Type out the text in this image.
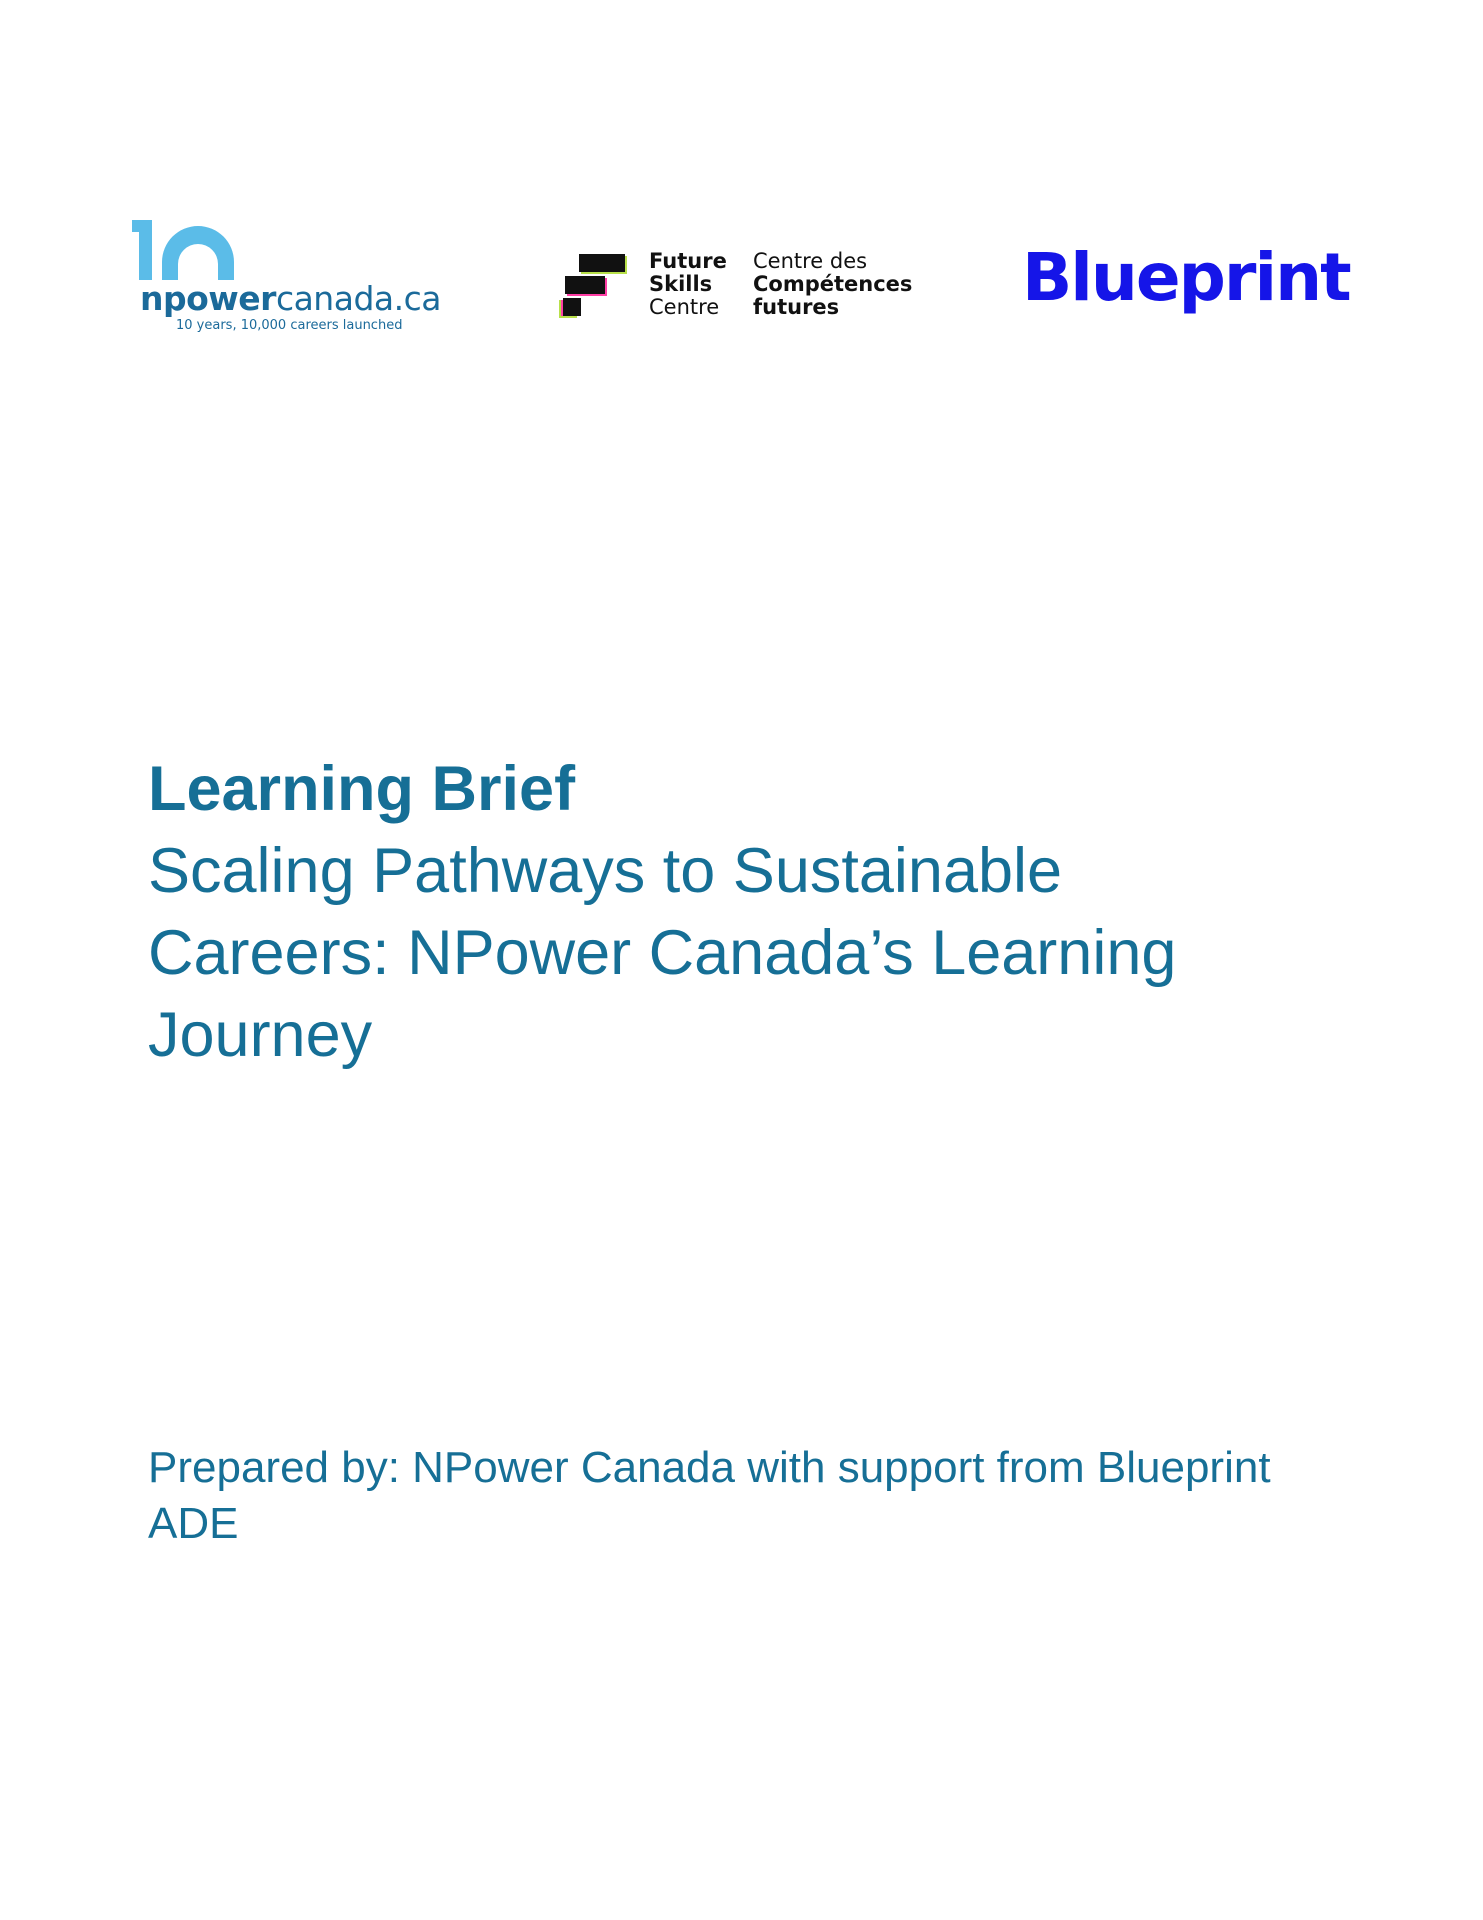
npowercanada.ca
10 years, 10,000 careers launched
Future
Skills
Centre
Centre des
Compétences
futures	Blueprint
Learning Brief
Scaling Pathways to Sustainable
Careers: NPower Canada’s Learning
Journey
Prepared by: NPower Canada with support from Blueprint
ADE
